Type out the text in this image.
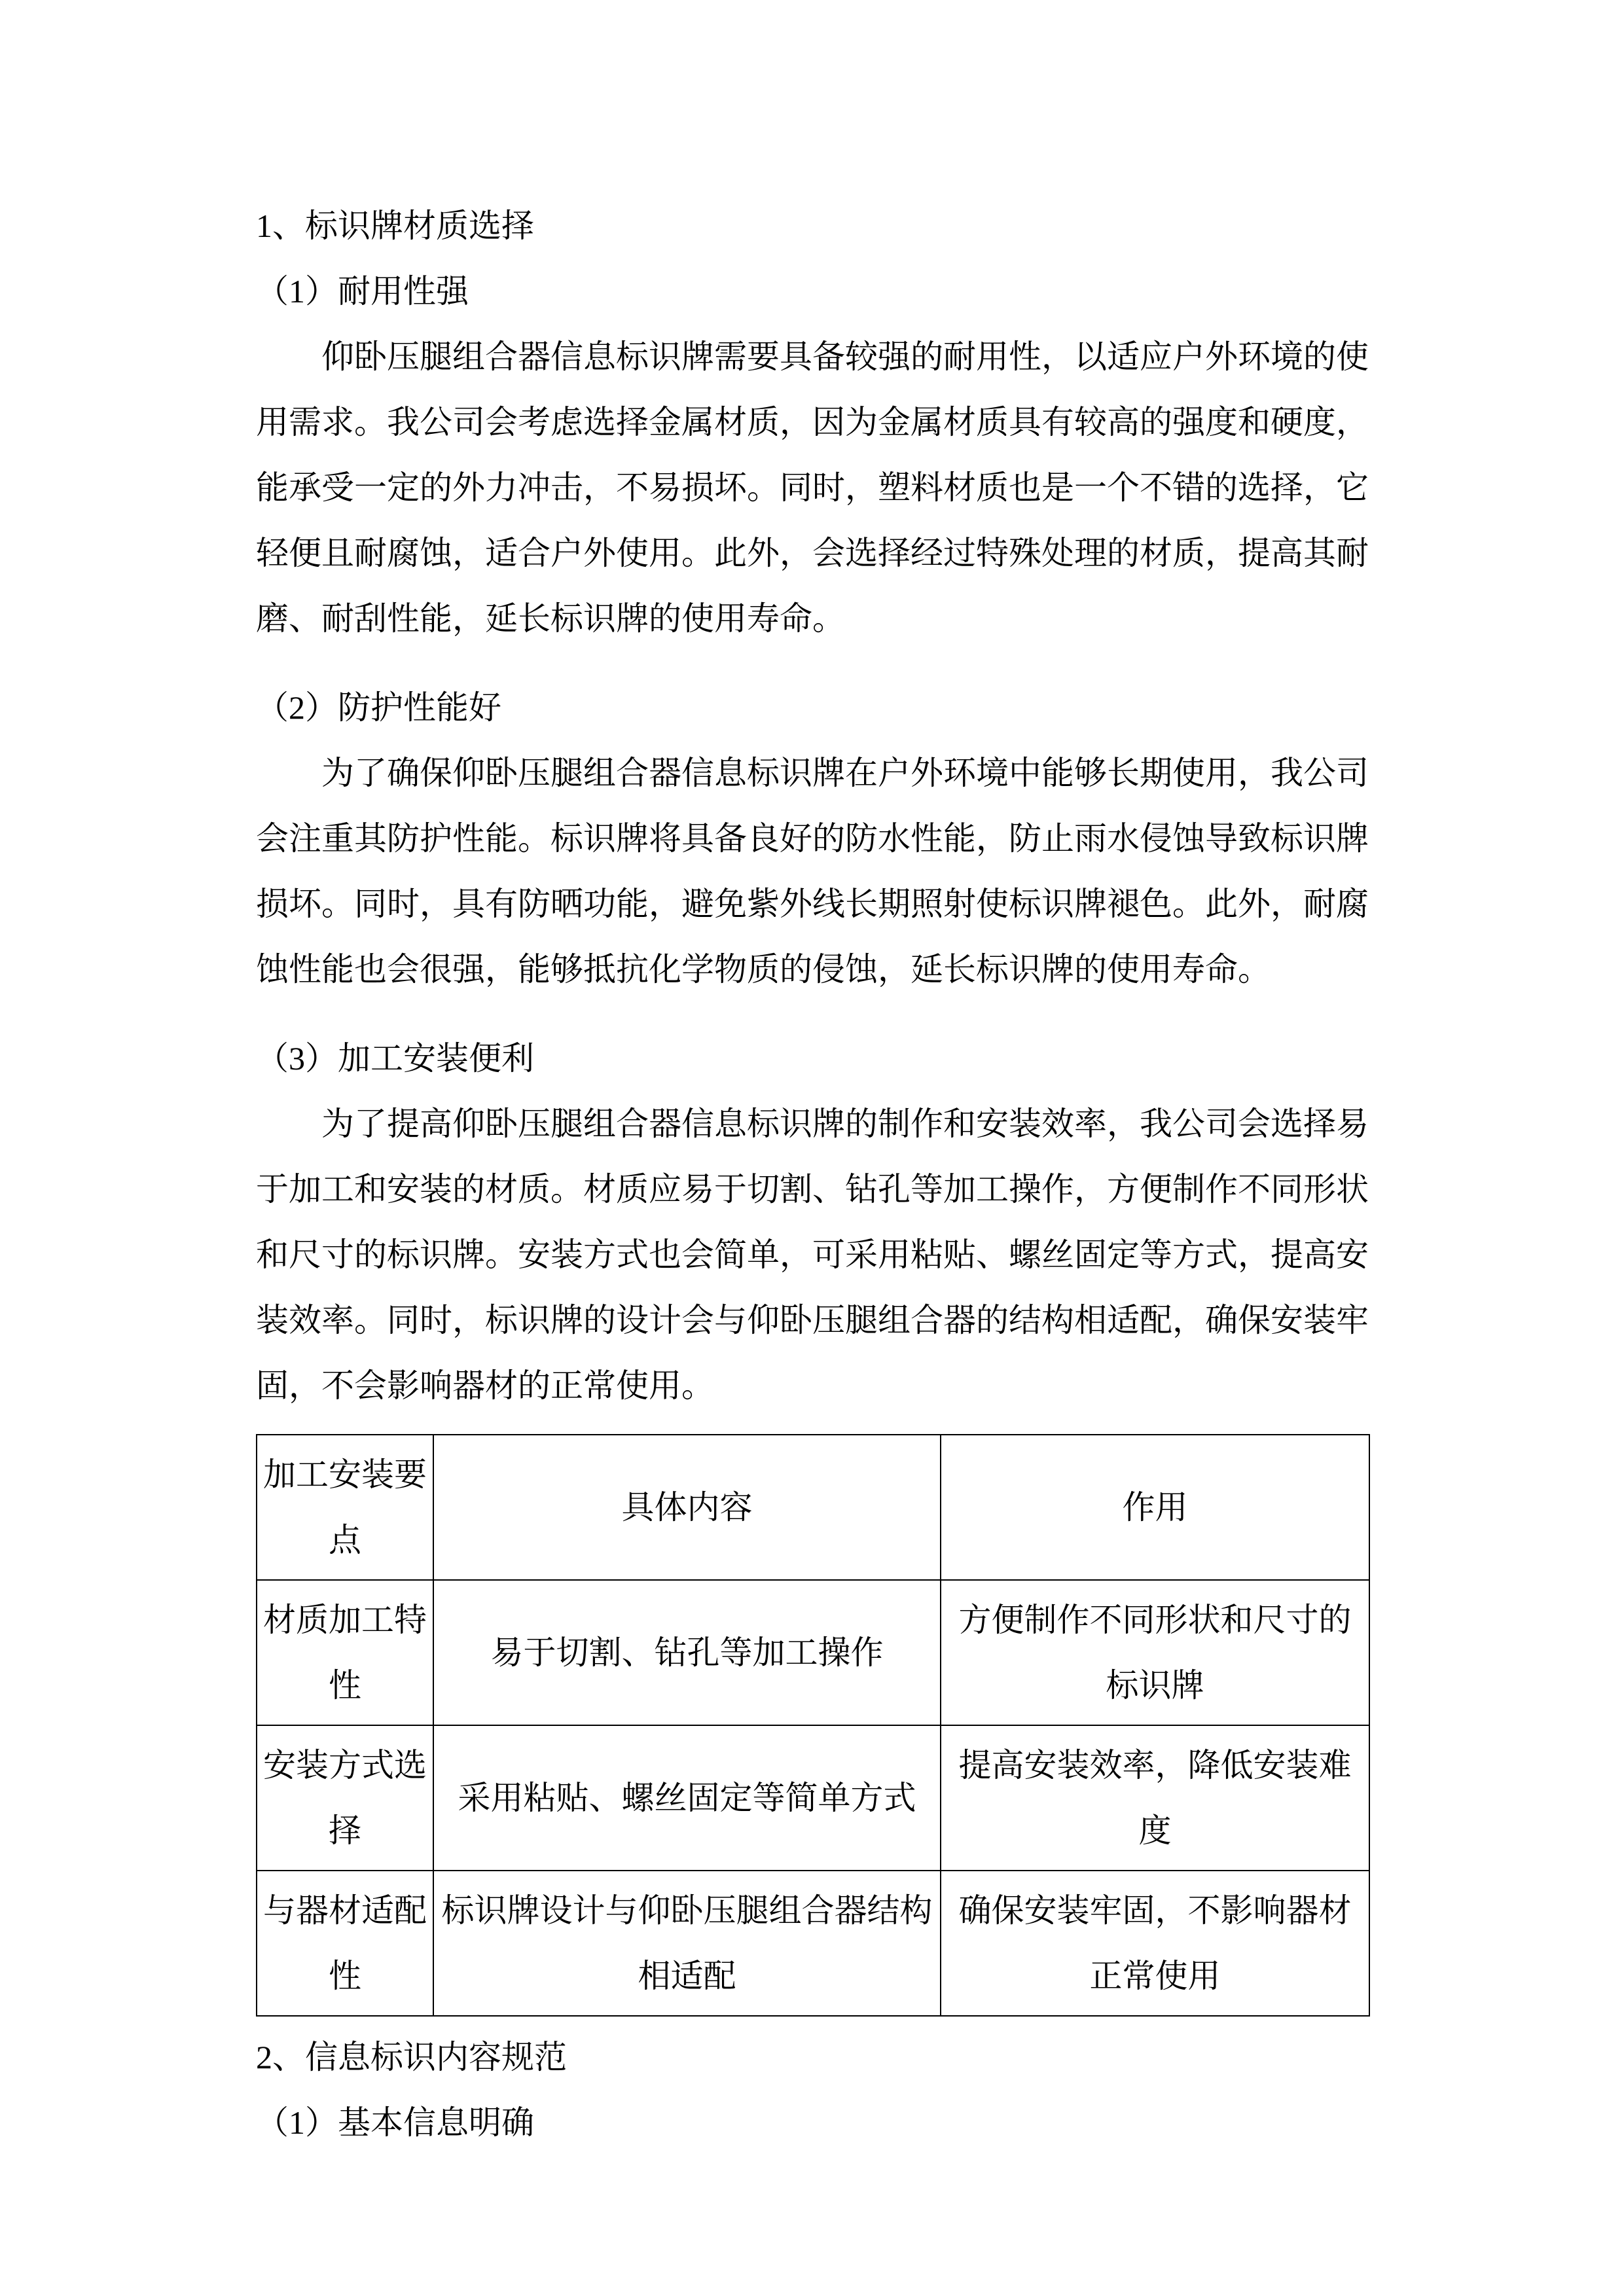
1、标识牌材质选择

（1）耐用性强

仰卧压腿组合器信息标识牌需要具备较强的耐用性，以适应户外环境的使用需求。我公司会考虑选择金属材质，因为金属材质具有较高的强度和硬度，能承受一定的外力冲击，不易损坏。同时，塑料材质也是一个不错的选择，它轻便且耐腐蚀，适合户外使用。此外，会选择经过特殊处理的材质，提高其耐磨、耐刮性能，延长标识牌的使用寿命。

（2）防护性能好

为了确保仰卧压腿组合器信息标识牌在户外环境中能够长期使用，我公司会注重其防护性能。标识牌将具备良好的防水性能，防止雨水侵蚀导致标识牌损坏。同时，具有防晒功能，避免紫外线长期照射使标识牌褪色。此外，耐腐蚀性能也会很强，能够抵抗化学物质的侵蚀，延长标识牌的使用寿命。

（3）加工安装便利

为了提高仰卧压腿组合器信息标识牌的制作和安装效率，我公司会选择易于加工和安装的材质。材质应易于切割、钻孔等加工操作，方便制作不同形状和尺寸的标识牌。安装方式也会简单，可采用粘贴、螺丝固定等方式，提高安装效率。同时，标识牌的设计会与仰卧压腿组合器的结构相适配，确保安装牢固，不会影响器材的正常使用。

加工安装要点	具体内容	作用
材质加工特性	易于切割、钻孔等加工操作	方便制作不同形状和尺寸的标识牌
安装方式选择	采用粘贴、螺丝固定等简单方式	提高安装效率，降低安装难度
与器材适配性	标识牌设计与仰卧压腿组合器结构相适配	确保安装牢固，不影响器材正常使用

2、信息标识内容规范

（1）基本信息明确
